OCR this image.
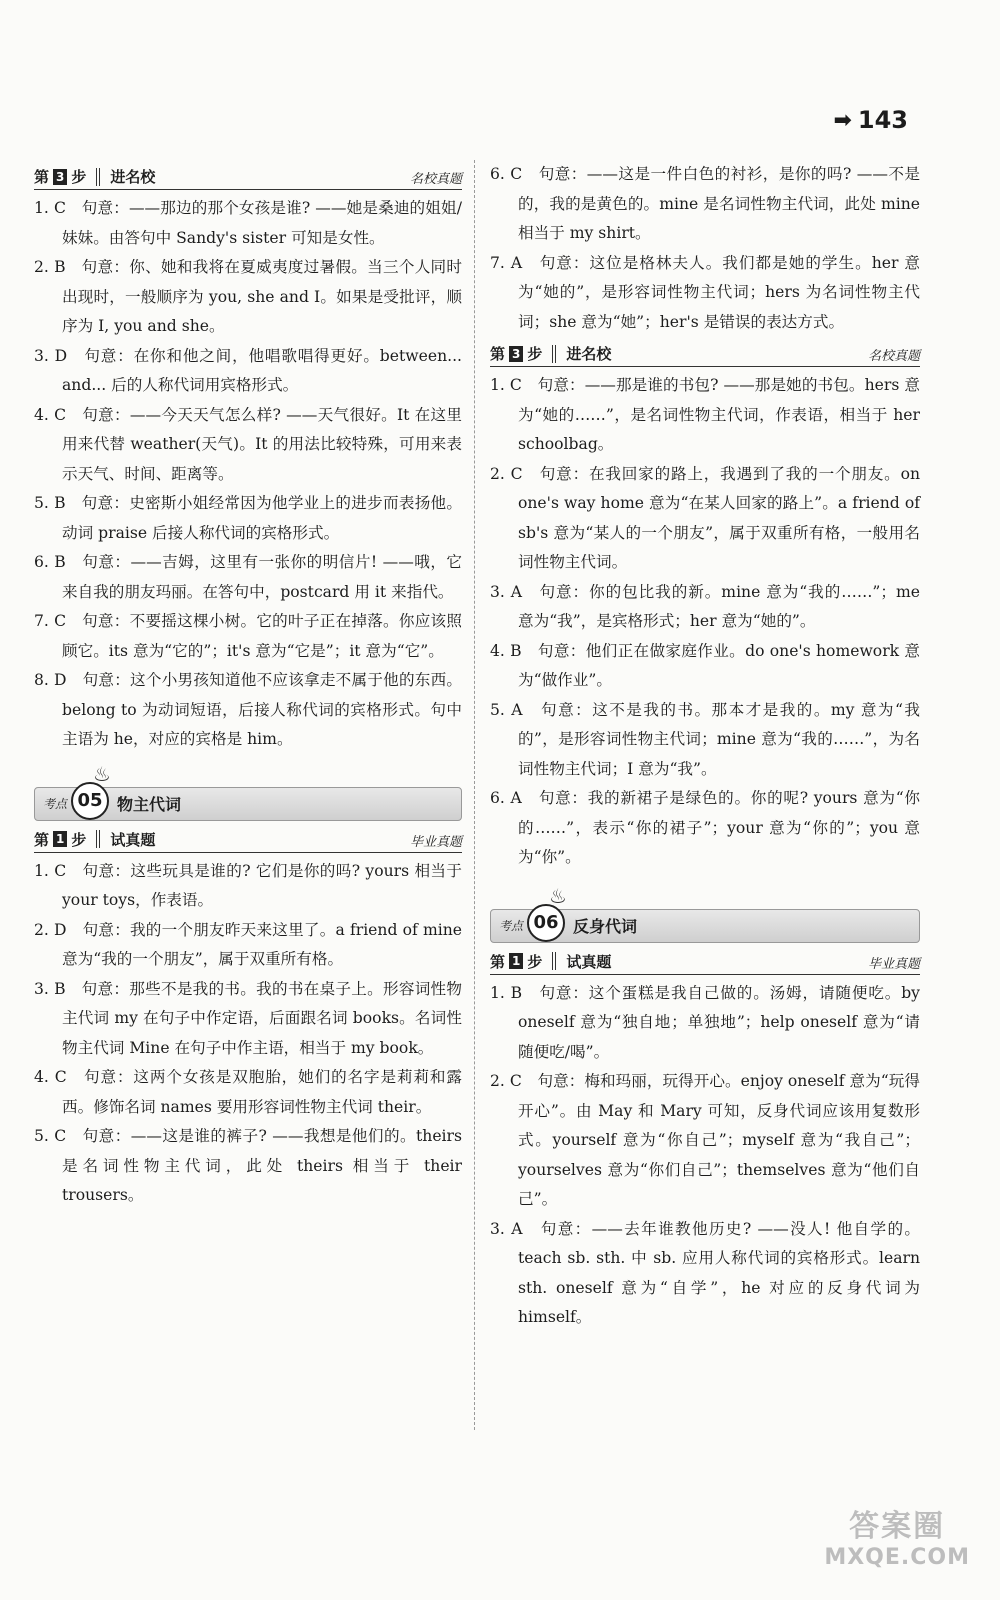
➡ 143
第 3 步 进名校	名校真题
1. C　句意：——那边的那个女孩是谁? ——她是桑迪的姐姐/妹妹。由答句中 Sandy's sister 可知是女性。
2. B　句意：你、她和我将在夏威夷度过暑假。当三个人同时出现时，一般顺序为 you, she and I。如果是受批评，顺序为 I, you and she。
3. D　句意：在你和他之间，他唱歌唱得更好。between... and... 后的人称代词用宾格形式。
4. C　句意：——今天天气怎么样? ——天气很好。It 在这里用来代替 weather(天气)。It 的用法比较特殊，可用来表示天气、时间、距离等。
5. B　句意：史密斯小姐经常因为他学业上的进步而表扬他。动词 praise 后接人称代词的宾格形式。
6. B　句意：——吉姆，这里有一张你的明信片! ——哦，它来自我的朋友玛丽。在答句中，postcard 用 it 来指代。
7. C　句意：不要摇这棵小树。它的叶子正在掉落。你应该照顾它。its 意为“它的”；it's 意为“它是”；it 意为“它”。
8. D　句意：这个小男孩知道他不应该拿走不属于他的东西。belong to 为动词短语，后接人称代词的宾格形式。句中主语为 he，对应的宾格是 him。
♨
考点 05 物主代词
第 1 步 试真题	毕业真题
1. C　句意：这些玩具是谁的? 它们是你的吗? yours 相当于 your toys，作表语。
2. D　句意：我的一个朋友昨天来这里了。a friend of mine 意为“我的一个朋友”，属于双重所有格。
3. B　句意：那些不是我的书。我的书在桌子上。形容词性物主代词 my 在句子中作定语，后面跟名词 books。名词性物主代词 Mine 在句子中作主语，相当于 my book。
4. C　句意：这两个女孩是双胞胎，她们的名字是莉莉和露西。修饰名词 names 要用形容词性物主代词 their。
5. C　句意：——这是谁的裤子? ——我想是他们的。theirs 是名词性物主代词，此处 theirs 相当于 their trousers。
6. C　句意：——这是一件白色的衬衫，是你的吗? ——不是的，我的是黄色的。mine 是名词性物主代词，此处 mine 相当于 my shirt。
7. A　句意：这位是格林夫人。我们都是她的学生。her 意为“她的”，是形容词性物主代词；hers 为名词性物主代词；she 意为“她”；her's 是错误的表达方式。
第 3 步 进名校	名校真题
1. C　句意：——那是谁的书包? ——那是她的书包。hers 意为“她的……”，是名词性物主代词，作表语，相当于 her schoolbag。
2. C　句意：在我回家的路上，我遇到了我的一个朋友。on one's way home 意为“在某人回家的路上”。a friend of sb's 意为“某人的一个朋友”，属于双重所有格，一般用名词性物主代词。
3. A　句意：你的包比我的新。mine 意为“我的……”；me 意为“我”，是宾格形式；her 意为“她的”。
4. B　句意：他们正在做家庭作业。do one's homework 意为“做作业”。
5. A　句意：这不是我的书。那本才是我的。my 意为“我的”，是形容词性物主代词；mine 意为“我的……”，为名词性物主代词；I 意为“我”。
6. A　句意：我的新裙子是绿色的。你的呢? yours 意为“你的……”，表示“你的裙子”；your 意为“你的”；you 意为“你”。
♨
考点 06 反身代词
第 1 步 试真题	毕业真题
1. B　句意：这个蛋糕是我自己做的。汤姆，请随便吃。by oneself 意为“独自地；单独地”；help oneself 意为“请随便吃/喝”。
2. C　句意：梅和玛丽，玩得开心。enjoy oneself 意为“玩得开心”。由 May 和 Mary 可知，反身代词应该用复数形式。yourself 意为“你自己”；myself 意为“我自己”；yourselves 意为“你们自己”；themselves 意为“他们自己”。
3. A　句意：——去年谁教他历史? ——没人! 他自学的。teach sb. sth. 中 sb. 应用人称代词的宾格形式。learn sth. oneself 意为“自学”，he 对应的反身代词为 himself。
答案圈
MXQE.COM
